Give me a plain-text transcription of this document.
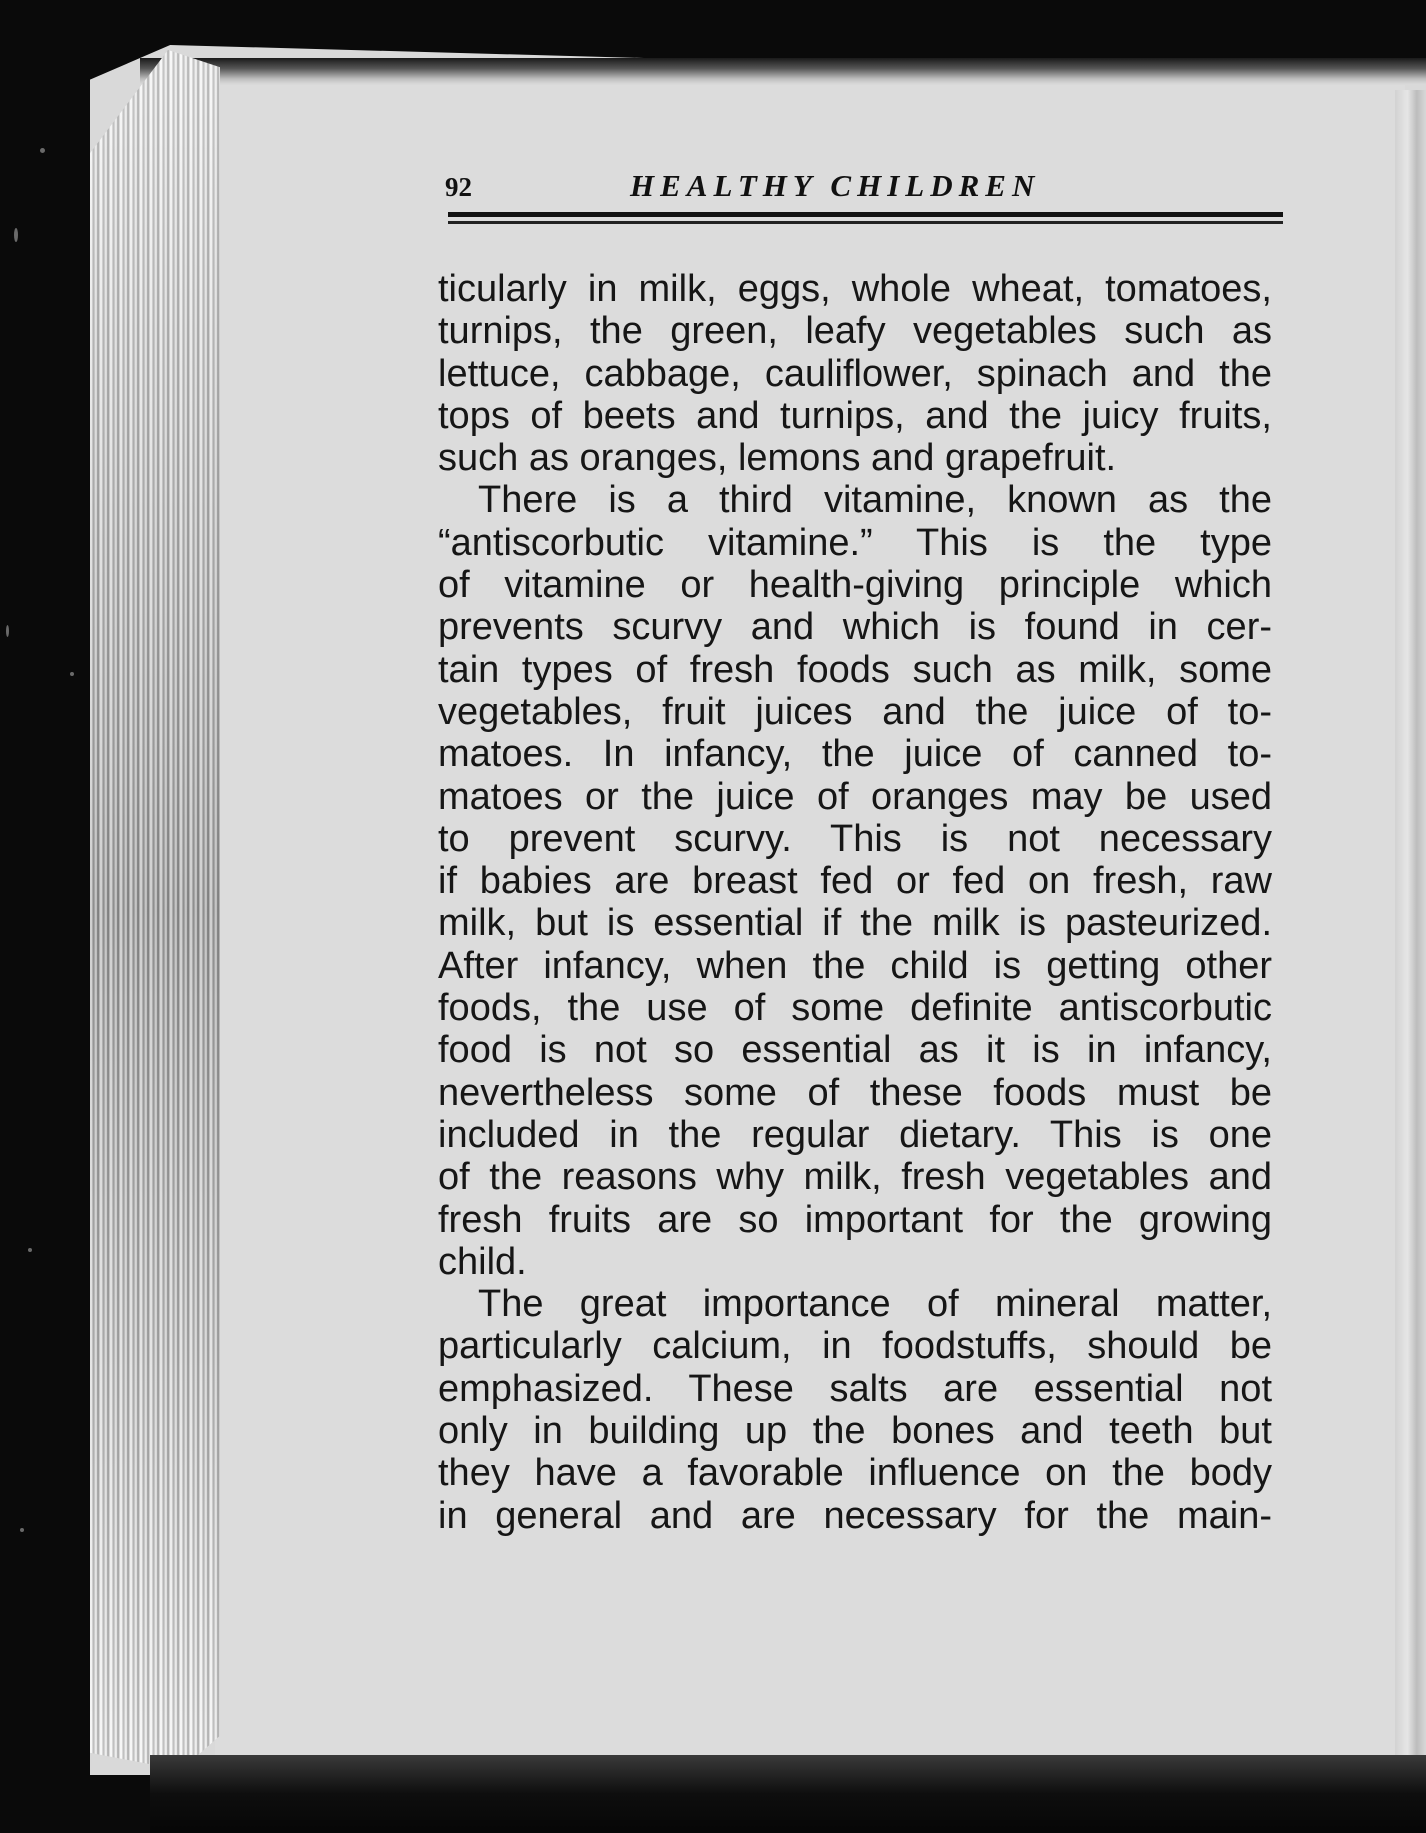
92	HEALTHY CHILDREN
ticularly in milk, eggs, whole wheat, tomatoes,
turnips, the green, leafy vegetables such as
lettuce, cabbage, cauliflower, spinach and the
tops of beets and turnips, and the juicy fruits,
such as oranges, lemons and grapefruit.
There is a third vitamine, known as the
“antiscorbutic vitamine.” This is the type
of vitamine or health-giving principle which
prevents scurvy and which is found in cer-
tain types of fresh foods such as milk, some
vegetables, fruit juices and the juice of to-
matoes. In infancy, the juice of canned to-
matoes or the juice of oranges may be used
to prevent scurvy. This is not necessary
if babies are breast fed or fed on fresh, raw
milk, but is essential if the milk is pasteurized.
After infancy, when the child is getting other
foods, the use of some definite antiscorbutic
food is not so essential as it is in infancy,
nevertheless some of these foods must be
included in the regular dietary. This is one
of the reasons why milk, fresh vegetables and
fresh fruits are so important for the growing
child.
The great importance of mineral matter,
particularly calcium, in foodstuffs, should be
emphasized. These salts are essential not
only in building up the bones and teeth but
they have a favorable influence on the body
in general and are necessary for the main-
